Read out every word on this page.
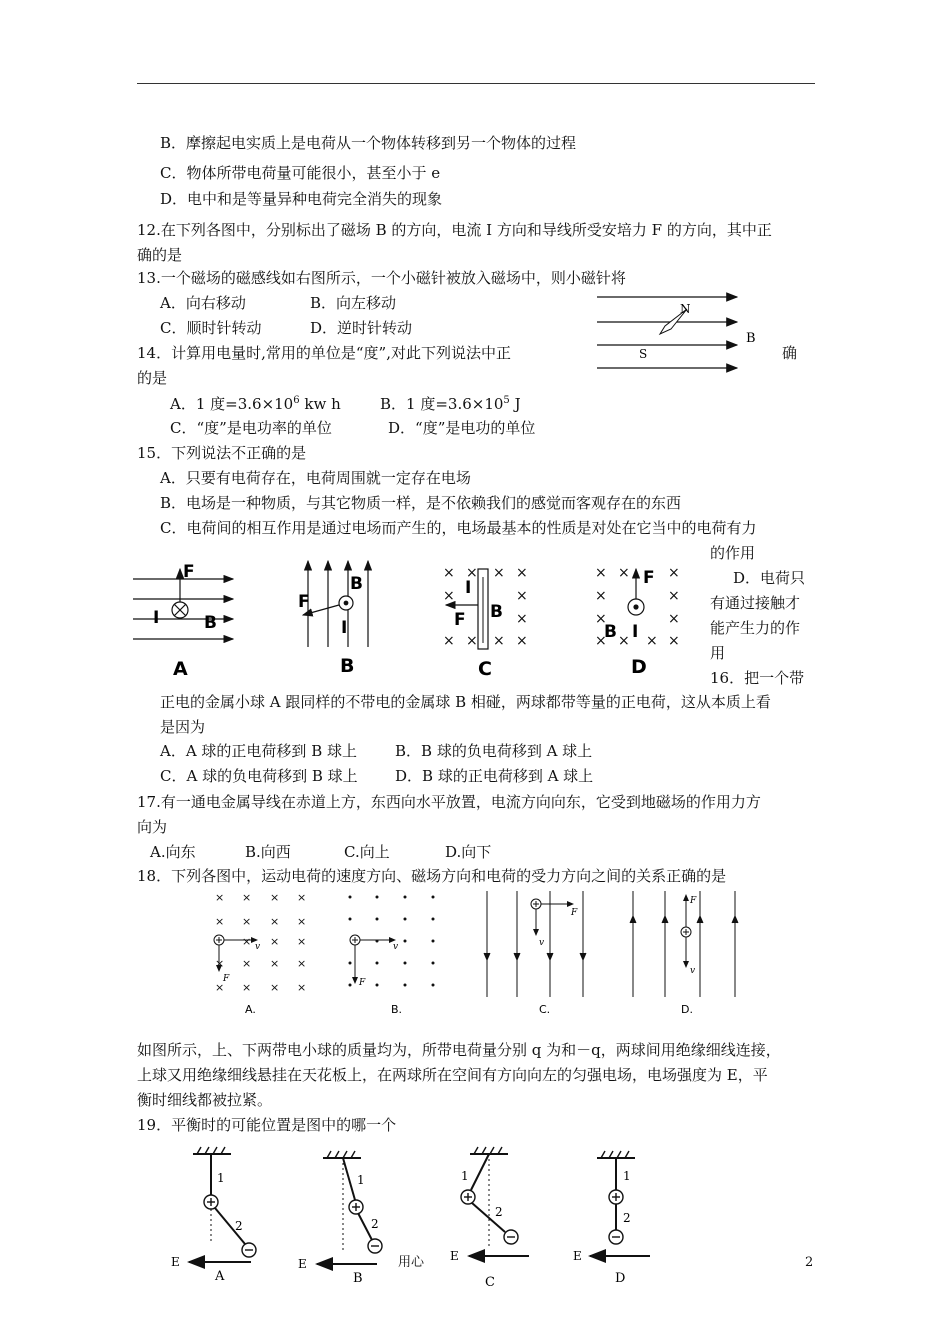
B．摩擦起电实质上是电荷从一个物体转移到另一个物体的过程
C．物体所带电荷量可能很小，甚至小于 e
D．电中和是等量异种电荷完全消失的现象
12.在下列各图中，分别标出了磁场 B 的方向，电流 I 方向和导线所受安培力 F 的方向，其中正
确的是
13.一个磁场的磁感线如右图所示，一个小磁针被放入磁场中，则小磁针将
A．向右移动	B．向左移动
C．顺时针转动	D．逆时针转动
N
S
B
14．计算用电量时,常用的单位是“度”,对此下列说法中正	确
的是
A．1 度$=3.6\times 10^6$ kw h	B．1 度$=3.6\times 10^5$ J
C．“度”是电功率的单位	D．“度”是电功的单位
15．下列说法不正确的是
A．只要有电荷存在，电荷周围就一定存在电场
B．电场是一种物质，与其它物质一样，是不依赖我们的感觉而客观存在的东西
C．电荷间的相互作用是通过电场而产生的，电场最基本的性质是对处在它当中的电荷有力
的作用
D．电荷只
有通过接触才
能产生力的作
用
F
I	B
A
B
F
I
B
× × × ×
×	×
×
× × × ×
I
B
F
C
× ×	×
×	×
×	×
× × × ×
F
B I
D	16．把一个带
正电的金属小球 A 跟同样的不带电的金属球 B 相碰，两球都带等量的正电荷，这从本质上看
是因为
A．A 球的正电荷移到 B 球上	B．B 球的负电荷移到 A 球上
C．A 球的负电荷移到 B 球上 D．B 球的正电荷移到 A 球上
17.有一通电金属导线在赤道上方，东西向水平放置，电流方向向东，它受到地磁场的作用力方
向为
A.向东	B.向西	C.向上	D.向下
18．下列各图中，运动电荷的速度方向、磁场方向和电荷的受力方向之间的关系正确的是
× × × ×
× × × ×
× × ×
× × × ×
× × × ×
v
F
A.
v
F
B.
F
v
C.
F
v
D.
如图所示，上、下两带电小球的质量均为，所带电荷量分别 q 为和－q，两球间用绝缘细线连接，
上球又用绝缘细线悬挂在天花板上，在两球所在空间有方向向左的匀强电场，电场强度为 E，平
衡时细线都被拉紧。
19．平衡时的可能位置是图中的哪一个
1
2
E
A
1
2
E
B
1
2
E
C
1
2
E
D
用心	2
